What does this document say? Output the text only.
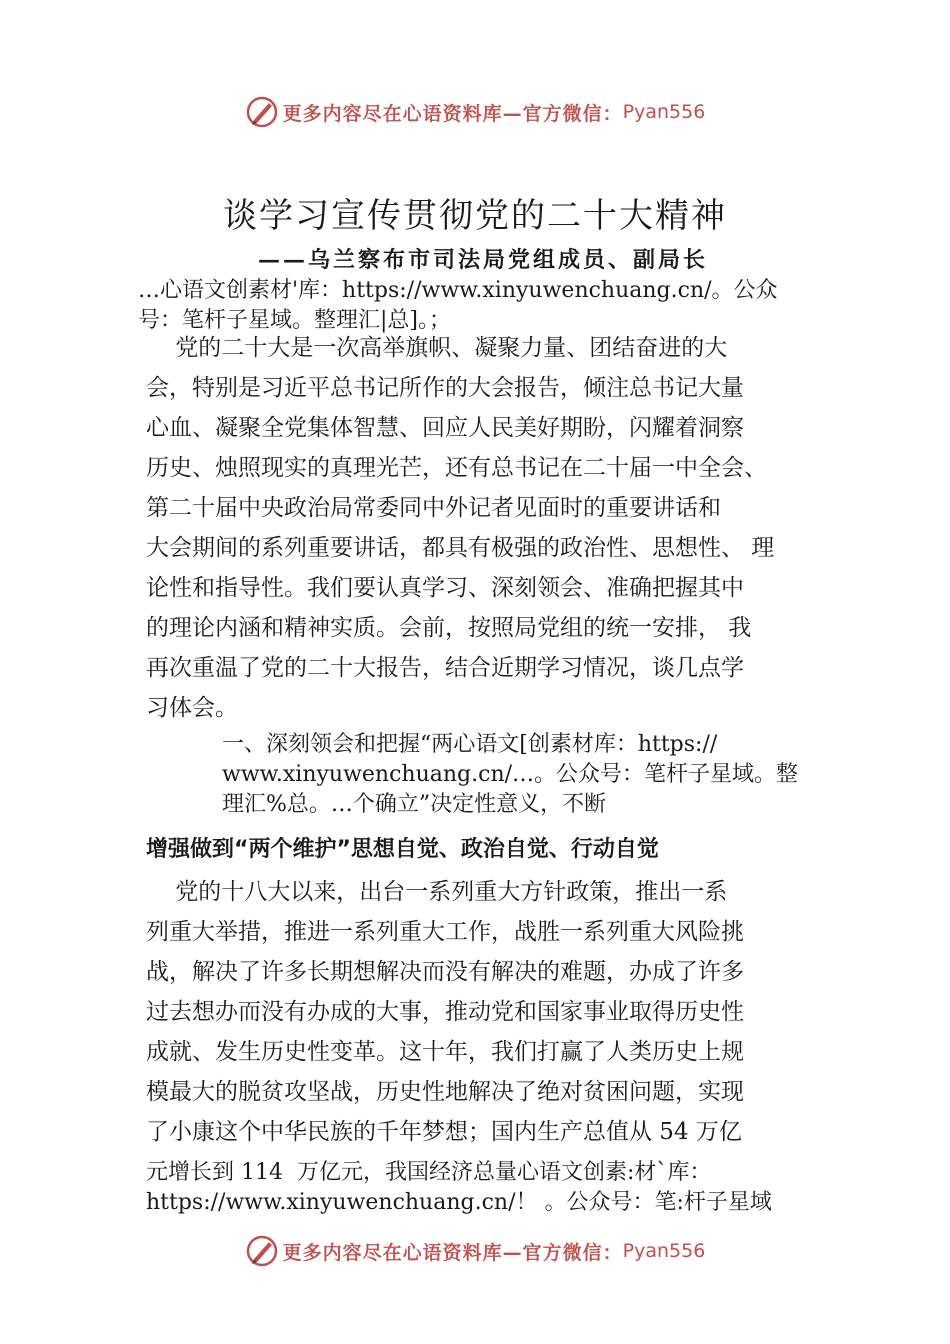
更多内容尽在心语资料库—官方微信： Pyan556
谈学习宣传贯彻党的二十大精神
——乌兰察布市司法局党组成员、副局长
…心语文创素材'库：https://www.xinyuwenchuang.cn/。公众
号：笔杆子星域。整理汇|总]。；
党的二十大是一次高举旗帜、凝聚力量、团结奋进的大
会，特别是习近平总书记所作的大会报告，倾注总书记大量
心血、凝聚全党集体智慧、回应人民美好期盼，闪耀着洞察
历史、烛照现实的真理光芒，还有总书记在二十届一中全会、
第二十届中央政治局常委同中外记者见面时的重要讲话和
大会期间的系列重要讲话，都具有极强的政治性、思想性、 理
论性和指导性。我们要认真学习、深刻领会、准确把握其中
的理论内涵和精神实质。会前，按照局党组的统一安排， 我
再次重温了党的二十大报告，结合近期学习情况，谈几点学
习体会。
一、深刻领会和把握“两心语文[创素材库：https://
www.xinyuwenchuang.cn/…。公众号：笔杆子星域。整
理汇%总。…个确立”决定性意义，不断
增强做到“两个维护”思想自觉、政治自觉、行动自觉
党的十八大以来，出台一系列重大方针政策，推出一系
列重大举措，推进一系列重大工作，战胜一系列重大风险挑
战，解决了许多长期想解决而没有解决的难题，办成了许多
过去想办而没有办成的大事，推动党和国家事业取得历史性
成就、发生历史性变革。这十年，我们打赢了人类历史上规
模最大的脱贫攻坚战，历史性地解决了绝对贫困问题，实现
了小康这个中华民族的千年梦想；国内生产总值从 54 万亿
元增长到 114  万亿元，我国经济总量心语文创素:材`库：
https://www.xinyuwenchuang.cn/！ 。公众号：笔:杆子星域
更多内容尽在心语资料库—官方微信： Pyan556
